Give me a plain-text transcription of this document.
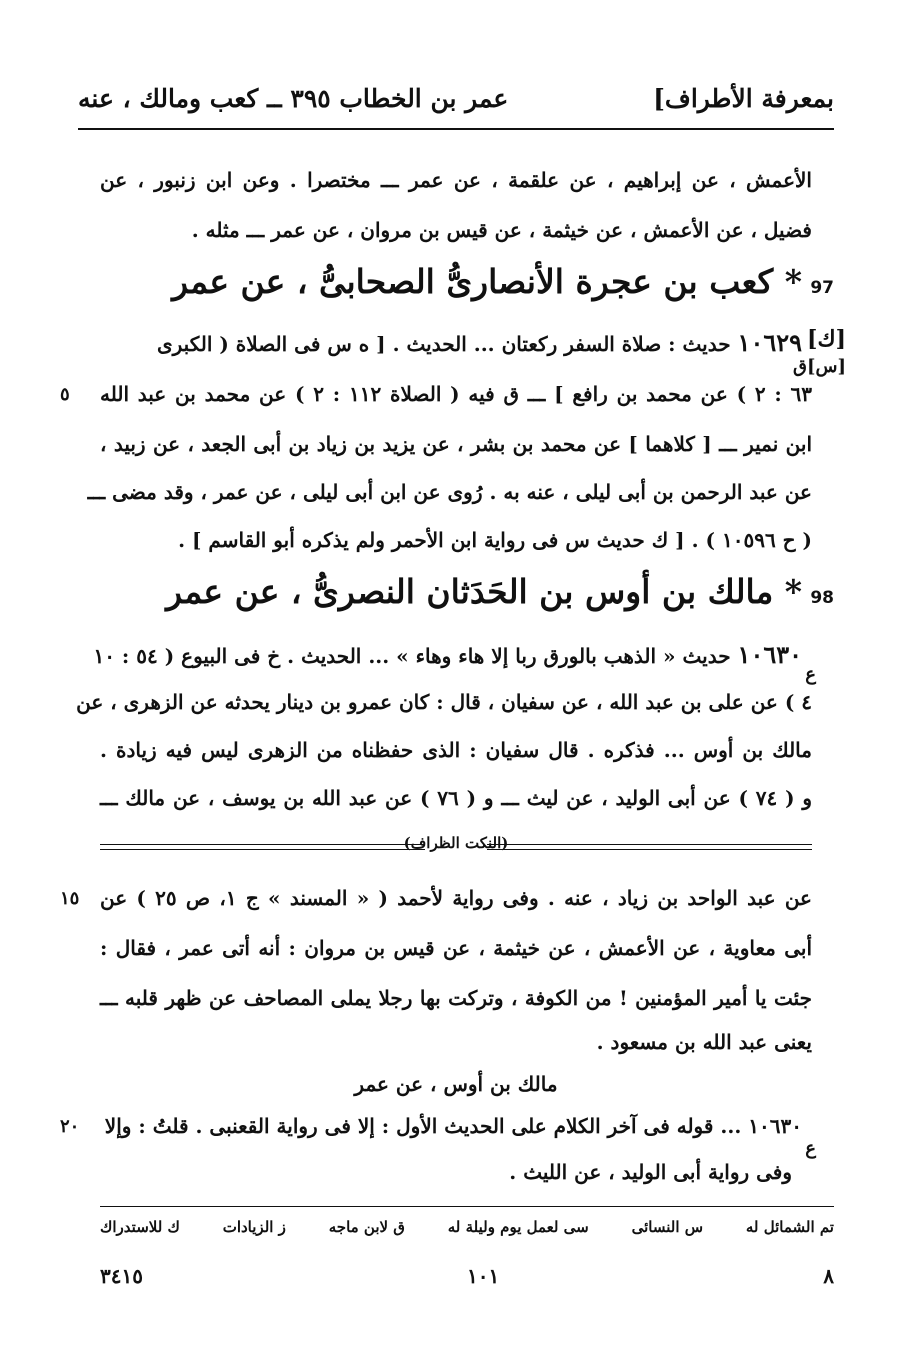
بمعرفة الأطراف]
عمر بن الخطاب ٣٩٥ ــ كعب ومالك ، عنه
الأعمش ، عن إبراهيم ، عن علقمة ، عن عمر ـــ مختصرا . وعن ابن زنبور ، عن
فضيل ، عن الأعمش ، عن خيثمة ، عن قيس بن مروان ، عن عمر ـــ مثله .
97
* كعب بن عجرة الأنصارىُّ الصحابىُّ ، عن عمر
[ك]
[س]ق
١٠٦٢٩ حديث : صلاة السفر ركعتان ... الحديث . [ ه س فى الصلاة ( الكبرى
٦٣ : ٢ ) عن محمد بن رافع ] ـــ ق فيه ( الصلاة ١١٢ : ٢ ) عن محمد بن عبد الله
٥
ابن نمير ـــ [ كلاهما ] عن محمد بن بشر ، عن يزيد بن زياد بن أبى الجعد ، عن زبيد ،
عن عبد الرحمن بن أبى ليلى ، عنه به . رُوى عن ابن أبى ليلى ، عن عمر ، وقد مضى ـــ
( ح ١٠٥٩٦ ) . [ ك حديث س فى رواية ابن الأحمر ولم يذكره أبو القاسم ] .
98
* مالك بن أوس بن الحَدَثان النصرىُّ ، عن عمر
١٠٦٣٠ حديث « الذهب بالورق ربا إلا هاء وهاء » ... الحديث . خ فى البيوع ( ٥٤ : ١٠
ع
٤ ) عن على بن عبد الله ، عن سفيان ، قال : كان عمرو بن دينار يحدثه عن الزهرى ، عن
مالك بن أوس ... فذكره . قال سفيان : الذى حفظناه من الزهرى ليس فيه زيادة .
و ( ٧٤ ) عن أبى الوليد ، عن ليث ـــ و ( ٧٦ ) عن عبد الله بن يوسف ، عن مالك ـــ
(النكت الظراف)
عن عبد الواحد بن زياد ، عنه . وفى رواية لأحمد ( « المسند » ج ١، ص ٢٥ ) عن
١٥
أبى معاوية ، عن الأعمش ، عن خيثمة ، عن قيس بن مروان : أنه أتى عمر ، فقال :
جئت يا أمير المؤمنين ! من الكوفة ، وتركت بها رجلا يملى المصاحف عن ظهر قلبه ـــ
يعنى عبد الله بن مسعود .
مالك بن أوس ، عن عمر
١٠٦٣٠ ... قوله فى آخر الكلام على الحديث الأول : إلا فى رواية القعنبى . قلتُ : وإلا
٢٠
ع
وفى رواية أبى الوليد ، عن الليث .
تم الشمائل له
س النسائى
سى لعمل يوم وليلة له
ق لابن ماجه
ز الزيادات
ك للاستدراك
٨
١٠١
٣٤١٥
